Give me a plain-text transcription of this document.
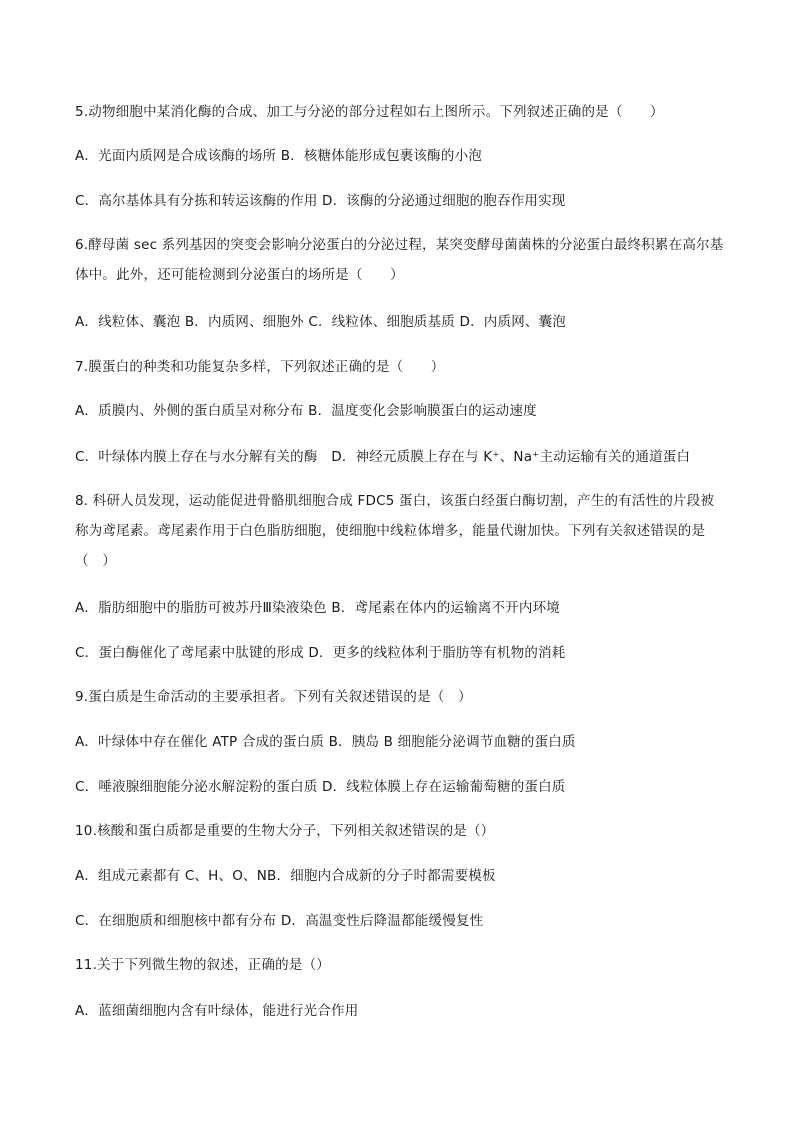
5.动物细胞中某消化酶的合成、加工与分泌的部分过程如右上图所示。下列叙述正确的是（　　）
A．光面内质网是合成该酶的场所 B．核糖体能形成包裹该酶的小泡
C．高尔基体具有分拣和转运该酶的作用 D．该酶的分泌通过细胞的胞吞作用实现
6.酵母菌 sec 系列基因的突变会影响分泌蛋白的分泌过程，某突变酵母菌菌株的分泌蛋白最终积累在高尔基体中。此外，还可能检测到分泌蛋白的场所是（　　）
A．线粒体、囊泡 B．内质网、细胞外 C．线粒体、细胞质基质 D．内质网、囊泡
7.膜蛋白的种类和功能复杂多样，下列叙述正确的是（　　）
A．质膜内、外侧的蛋白质呈对称分布 B．温度变化会影响膜蛋白的运动速度
C．叶绿体内膜上存在与水分解有关的酶　D．神经元质膜上存在与 K⁺、Na⁺主动运输有关的通道蛋白
8. 科研人员发现，运动能促进骨骼肌细胞合成 FDC5 蛋白，该蛋白经蛋白酶切割，产生的有活性的片段被称为鸢尾素。鸢尾素作用于白色脂肪细胞，使细胞中线粒体增多，能量代谢加快。下列有关叙述错误的是（　）
A．脂肪细胞中的脂肪可被苏丹Ⅲ染液染色 B．鸢尾素在体内的运输离不开内环境
C．蛋白酶催化了鸢尾素中肽键的形成 D．更多的线粒体利于脂肪等有机物的消耗
9.蛋白质是生命活动的主要承担者。下列有关叙述错误的是（　）
A．叶绿体中存在催化 ATP 合成的蛋白质 B．胰岛 B 细胞能分泌调节血糖的蛋白质
C．唾液腺细胞能分泌水解淀粉的蛋白质 D．线粒体膜上存在运输葡萄糖的蛋白质
10.核酸和蛋白质都是重要的生物大分子，下列相关叙述错误的是（）
A．组成元素都有 C、H、O、NB．细胞内合成新的分子时都需要模板
C．在细胞质和细胞核中都有分布 D．高温变性后降温都能缓慢复性
11.关于下列微生物的叙述，正确的是（）
A．蓝细菌细胞内含有叶绿体，能进行光合作用
